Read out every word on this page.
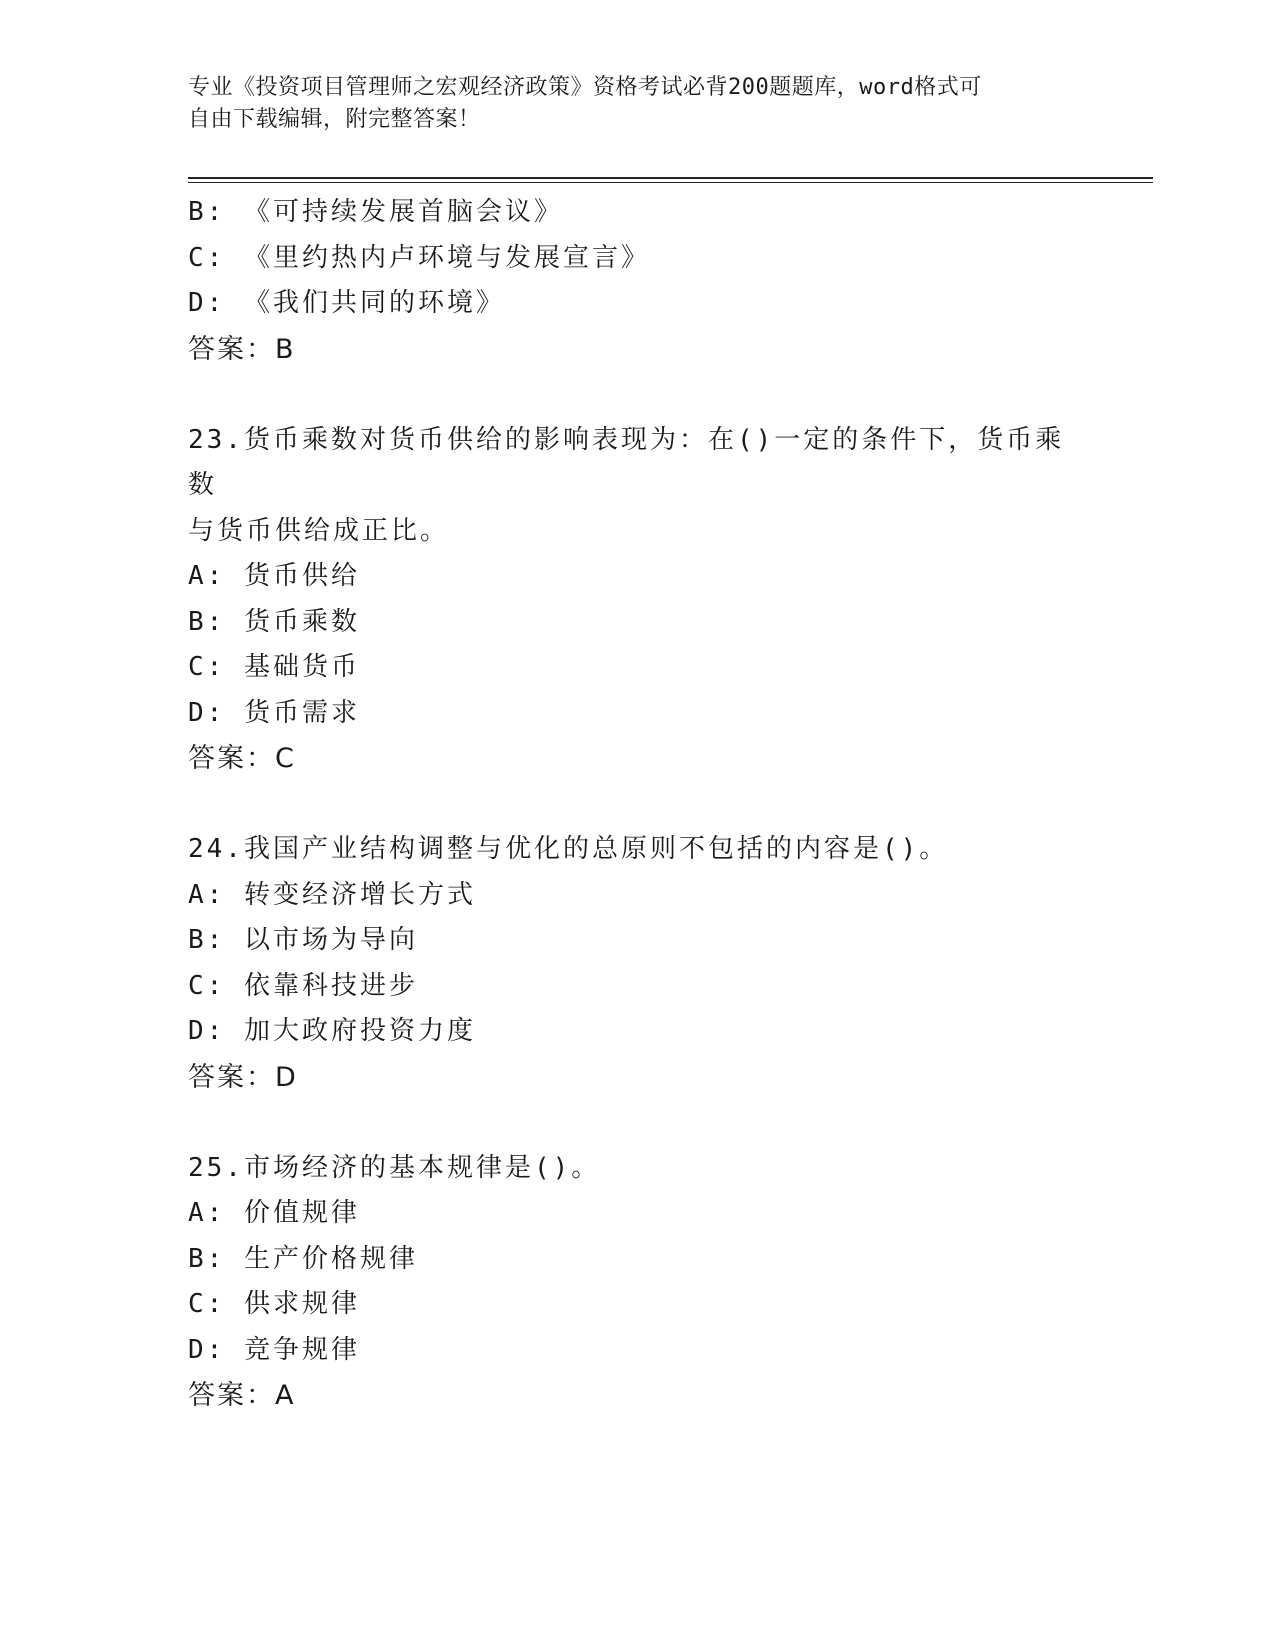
专业《投资项目管理师之宏观经济政策》资格考试必背200题题库，word格式可
自由下载编辑，附完整答案！

B: 《可持续发展首脑会议》

C: 《里约热内卢环境与发展宣言》

D: 《我们共同的环境》

答案：B

23.货币乘数对货币供给的影响表现为：在()一定的条件下，货币乘数

与货币供给成正比。

A: 货币供给

B: 货币乘数

C: 基础货币

D: 货币需求

答案：C

24.我国产业结构调整与优化的总原则不包括的内容是()。

A: 转变经济增长方式

B: 以市场为导向

C: 依靠科技进步

D: 加大政府投资力度

答案：D

25.市场经济的基本规律是()。

A: 价值规律

B: 生产价格规律

C: 供求规律

D: 竞争规律

答案：A
